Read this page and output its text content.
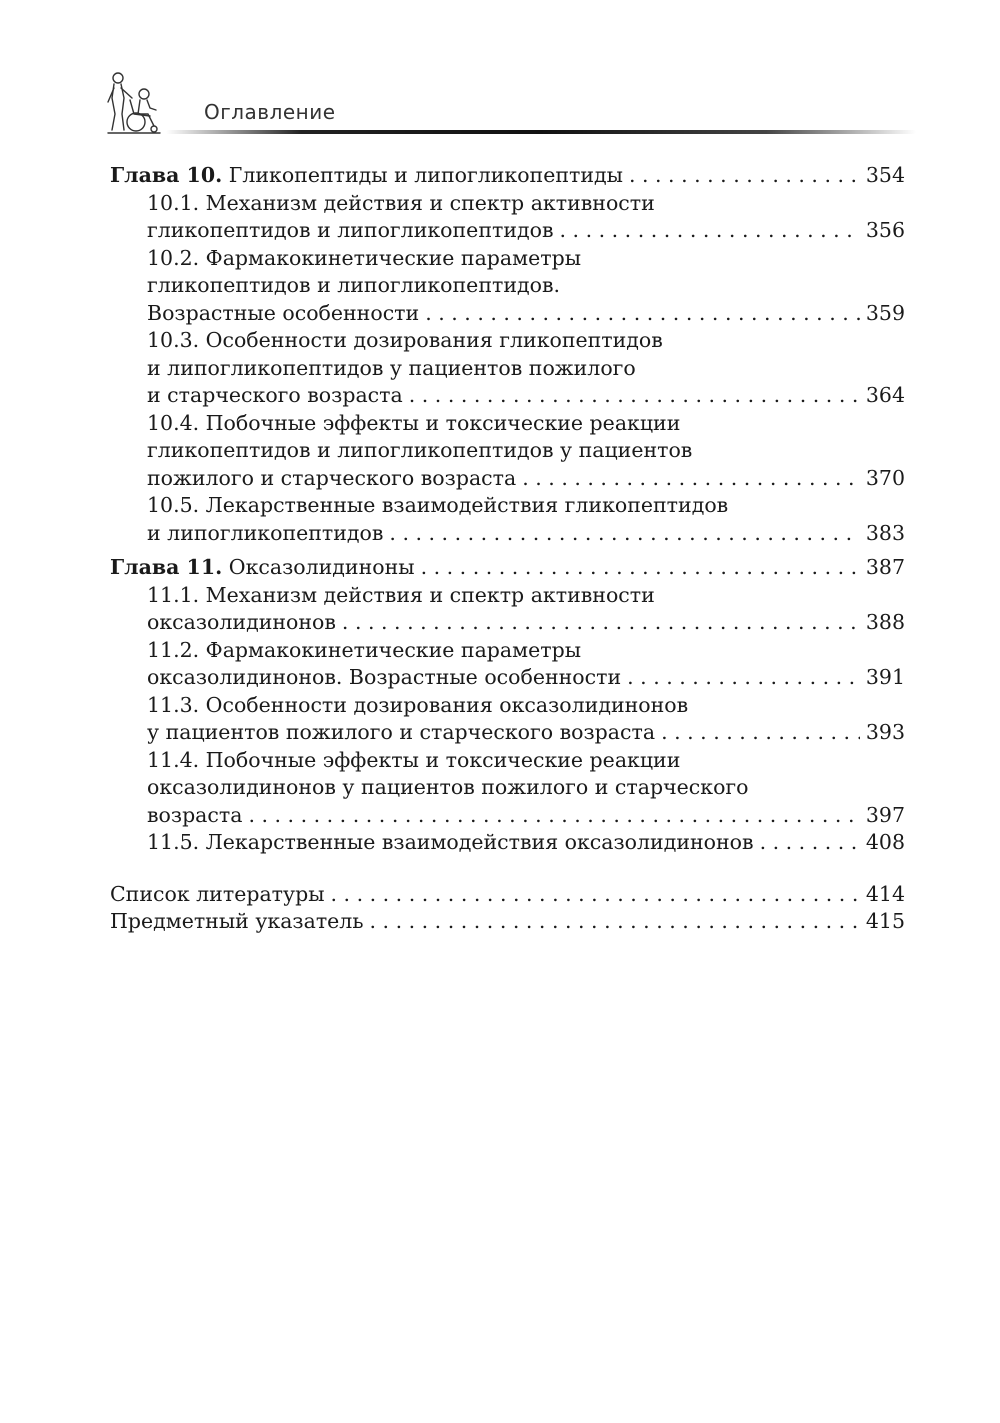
Оглавление
Глава 10. Гликопептиды и липогликопептиды . . .	354
10.1. Механизм действия и спектр активности
гликопептидов и липогликопептидов . . .	356
10.2. Фармакокинетические параметры
гликопептидов и липогликопептидов.
Возрастные особенности . . .	359
10.3. Особенности дозирования гликопептидов
и липогликопептидов у пациентов пожилого
и старческого возраста . . .	364
10.4. Побочные эффекты и токсические реакции
гликопептидов и липогликопептидов у пациентов
пожилого и старческого возраста . . .	370
10.5. Лекарственные взаимодействия гликопептидов
и липогликопептидов . . .	383
Глава 11. Оксазолидиноны . . .	387
11.1. Механизм действия и спектр активности
оксазолидинонов . . .	388
11.2. Фармакокинетические параметры
оксазолидинонов. Возрастные особенности . . .	391
11.3. Особенности дозирования оксазолидинонов
у пациентов пожилого и старческого возраста . . .	393
11.4. Побочные эффекты и токсические реакции
оксазолидинонов у пациентов пожилого и старческого
возраста . . .	397
11.5. Лекарственные взаимодействия оксазолидинонов . . .	408
Список литературы . . .	414
Предметный указатель . . .	415
